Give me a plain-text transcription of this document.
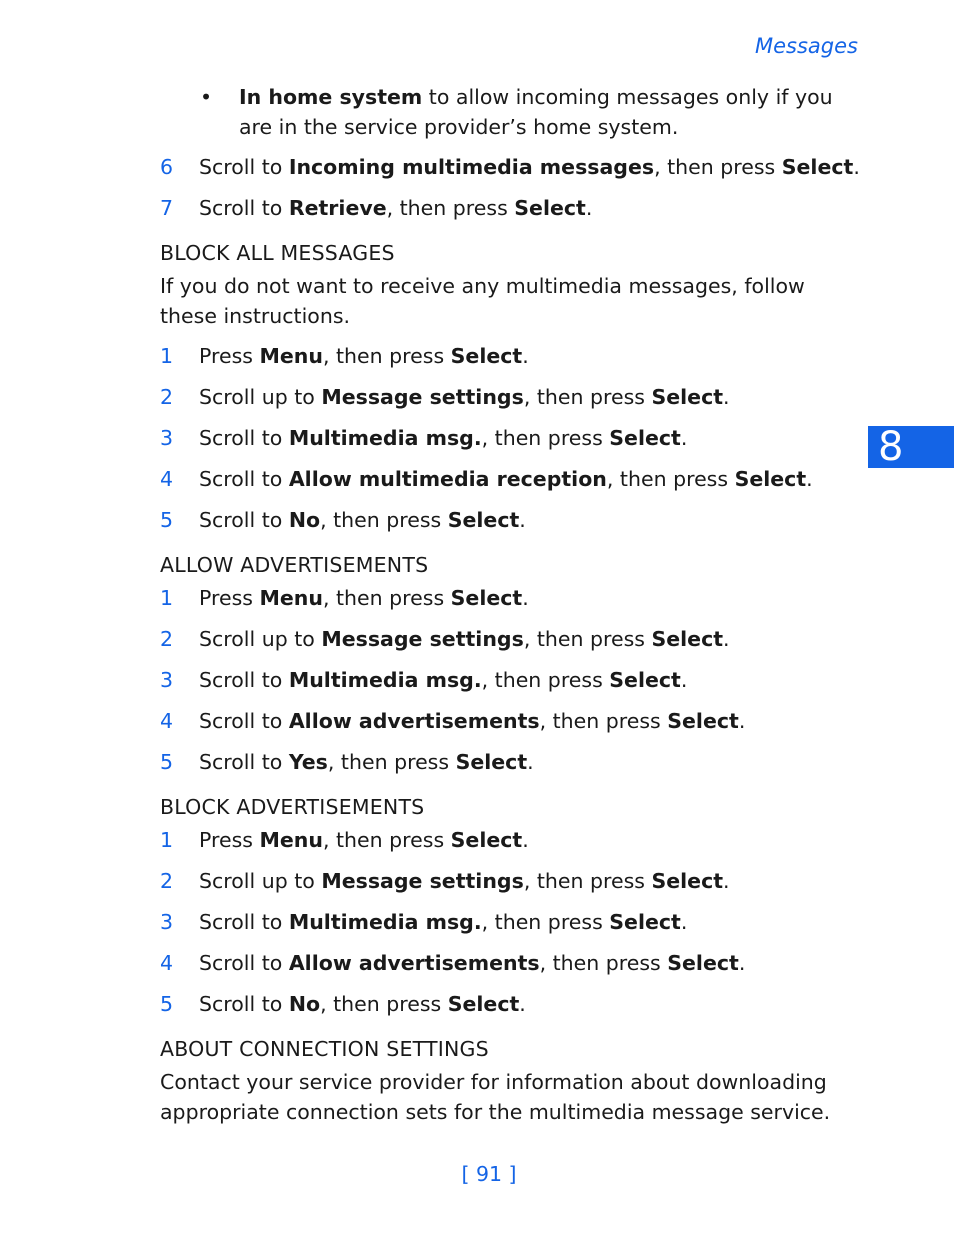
Messages
8
• In home system to allow incoming messages only if you are in the service provider’s home system.
6 Scroll to Incoming multimedia messages, then press Select.
7 Scroll to Retrieve, then press Select.
BLOCK ALL MESSAGES
If you do not want to receive any multimedia messages, follow these instructions.
1 Press Menu, then press Select.
2 Scroll up to Message settings, then press Select.
3 Scroll to Multimedia msg., then press Select.
4 Scroll to Allow multimedia reception, then press Select.
5 Scroll to No, then press Select.
ALLOW ADVERTISEMENTS
1 Press Menu, then press Select.
2 Scroll up to Message settings, then press Select.
3 Scroll to Multimedia msg., then press Select.
4 Scroll to Allow advertisements, then press Select.
5 Scroll to Yes, then press Select.
BLOCK ADVERTISEMENTS
1 Press Menu, then press Select.
2 Scroll up to Message settings, then press Select.
3 Scroll to Multimedia msg., then press Select.
4 Scroll to Allow advertisements, then press Select.
5 Scroll to No, then press Select.
ABOUT CONNECTION SETTINGS
Contact your service provider for information about downloading appropriate connection sets for the multimedia message service.
[ 91 ]
